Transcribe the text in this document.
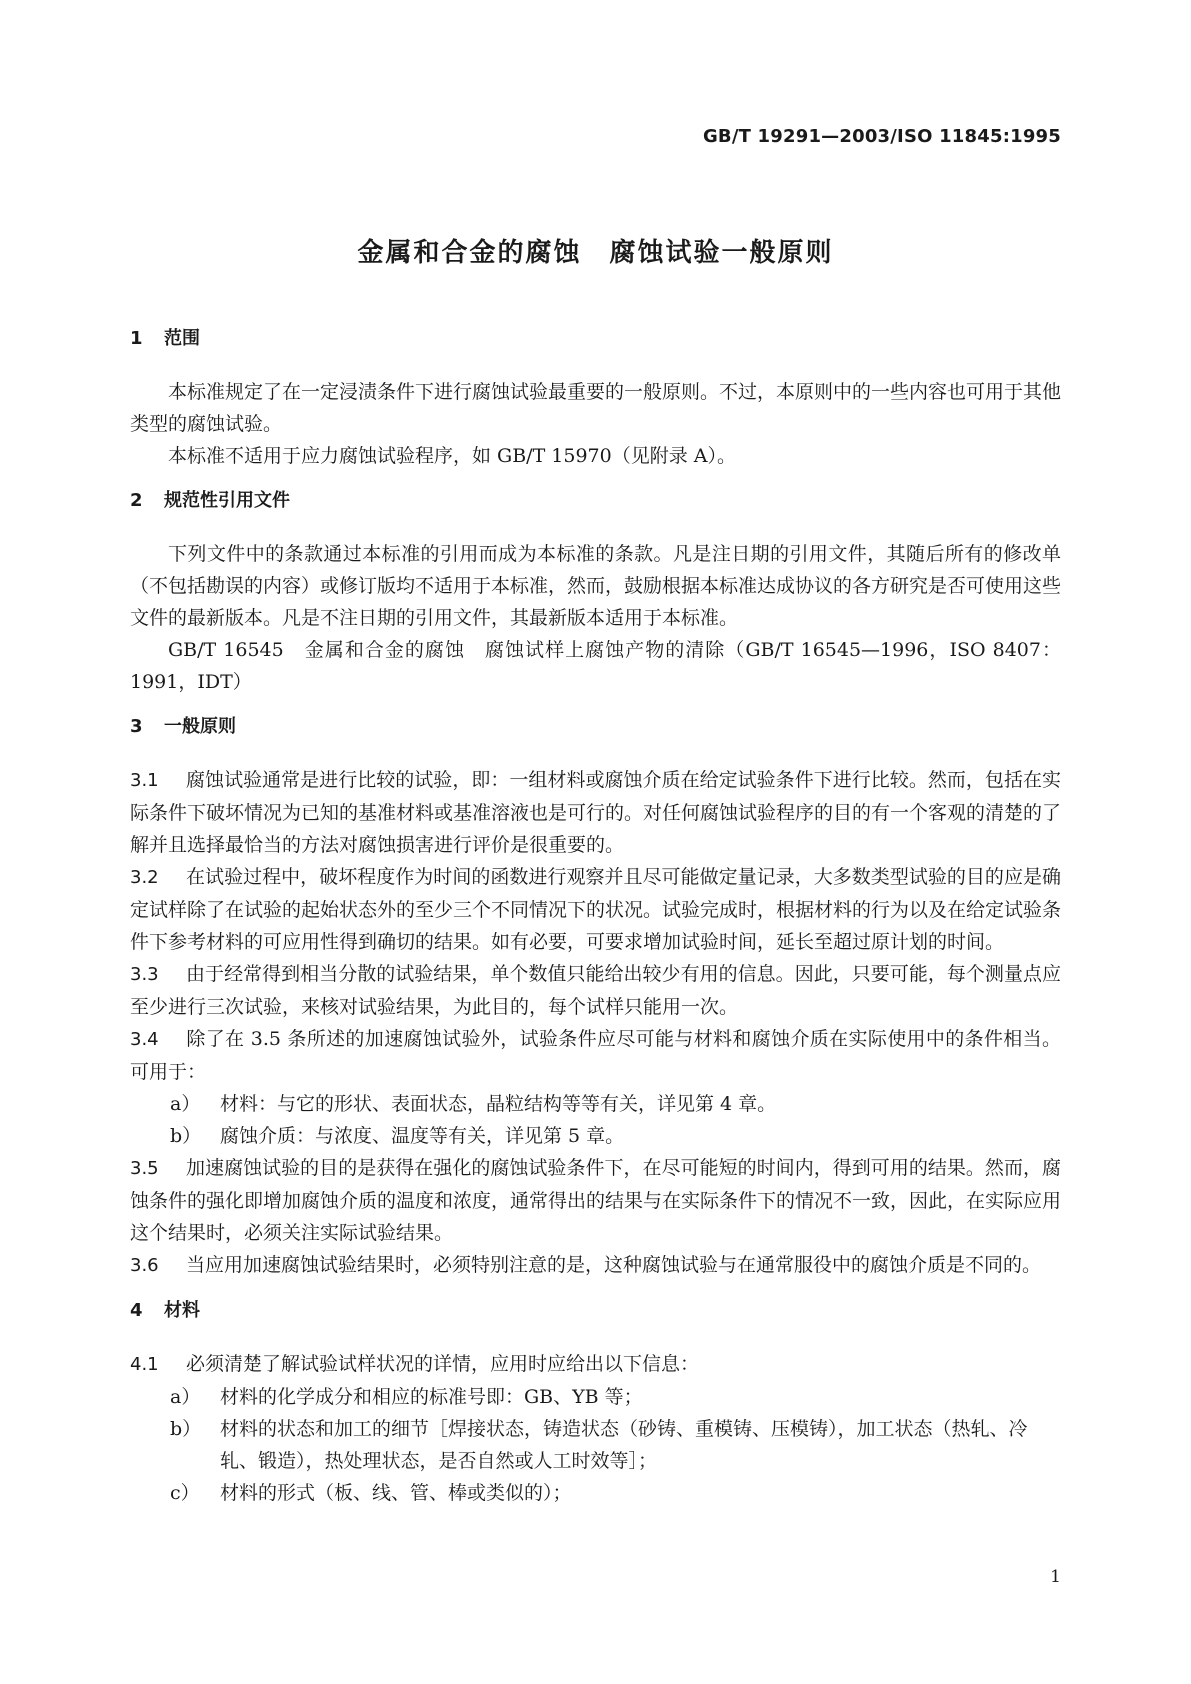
GB/T 19291—2003/ISO 11845:1995
金属和合金的腐蚀　腐蚀试验一般原则
1 范围

本标准规定了在一定浸渍条件下进行腐蚀试验最重要的一般原则。不过，本原则中的一些内容也可用于其他类型的腐蚀试验。

本标准不适用于应力腐蚀试验程序，如 GB/T 15970（见附录 A）。

2 规范性引用文件

下列文件中的条款通过本标准的引用而成为本标准的条款。凡是注日期的引用文件，其随后所有的修改单（不包括勘误的内容）或修订版均不适用于本标准，然而，鼓励根据本标准达成协议的各方研究是否可使用这些文件的最新版本。凡是不注日期的引用文件，其最新版本适用于本标准。

GB/T 16545　金属和合金的腐蚀　腐蚀试样上腐蚀产物的清除（GB/T 16545—1996，ISO 8407：1991，IDT）

3 一般原则

3.1 腐蚀试验通常是进行比较的试验，即：一组材料或腐蚀介质在给定试验条件下进行比较。然而，包括在实际条件下破坏情况为已知的基准材料或基准溶液也是可行的。对任何腐蚀试验程序的目的有一个客观的清楚的了解并且选择最恰当的方法对腐蚀损害进行评价是很重要的。

3.2 在试验过程中，破坏程度作为时间的函数进行观察并且尽可能做定量记录，大多数类型试验的目的应是确定试样除了在试验的起始状态外的至少三个不同情况下的状况。试验完成时，根据材料的行为以及在给定试验条件下参考材料的可应用性得到确切的结果。如有必要，可要求增加试验时间，延长至超过原计划的时间。

3.3 由于经常得到相当分散的试验结果，单个数值只能给出较少有用的信息。因此，只要可能，每个测量点应至少进行三次试验，来核对试验结果，为此目的，每个试样只能用一次。

3.4 除了在 3.5 条所述的加速腐蚀试验外，试验条件应尽可能与材料和腐蚀介质在实际使用中的条件相当。可用于：

a） 材料：与它的形状、表面状态，晶粒结构等等有关，详见第 4 章。

b） 腐蚀介质：与浓度、温度等有关，详见第 5 章。

3.5 加速腐蚀试验的目的是获得在强化的腐蚀试验条件下，在尽可能短的时间内，得到可用的结果。然而，腐蚀条件的强化即增加腐蚀介质的温度和浓度，通常得出的结果与在实际条件下的情况不一致，因此，在实际应用这个结果时，必须关注实际试验结果。

3.6 当应用加速腐蚀试验结果时，必须特别注意的是，这种腐蚀试验与在通常服役中的腐蚀介质是不同的。

4 材料

4.1 必须清楚了解试验试样状况的详情，应用时应给出以下信息：

a） 材料的化学成分和相应的标准号即：GB、YB 等；

b） 材料的状态和加工的细节［焊接状态，铸造状态（砂铸、重模铸、压模铸），加工状态（热轧、冷轧、锻造），热处理状态，是否自然或人工时效等］；

c） 材料的形式（板、线、管、棒或类似的）；

1
